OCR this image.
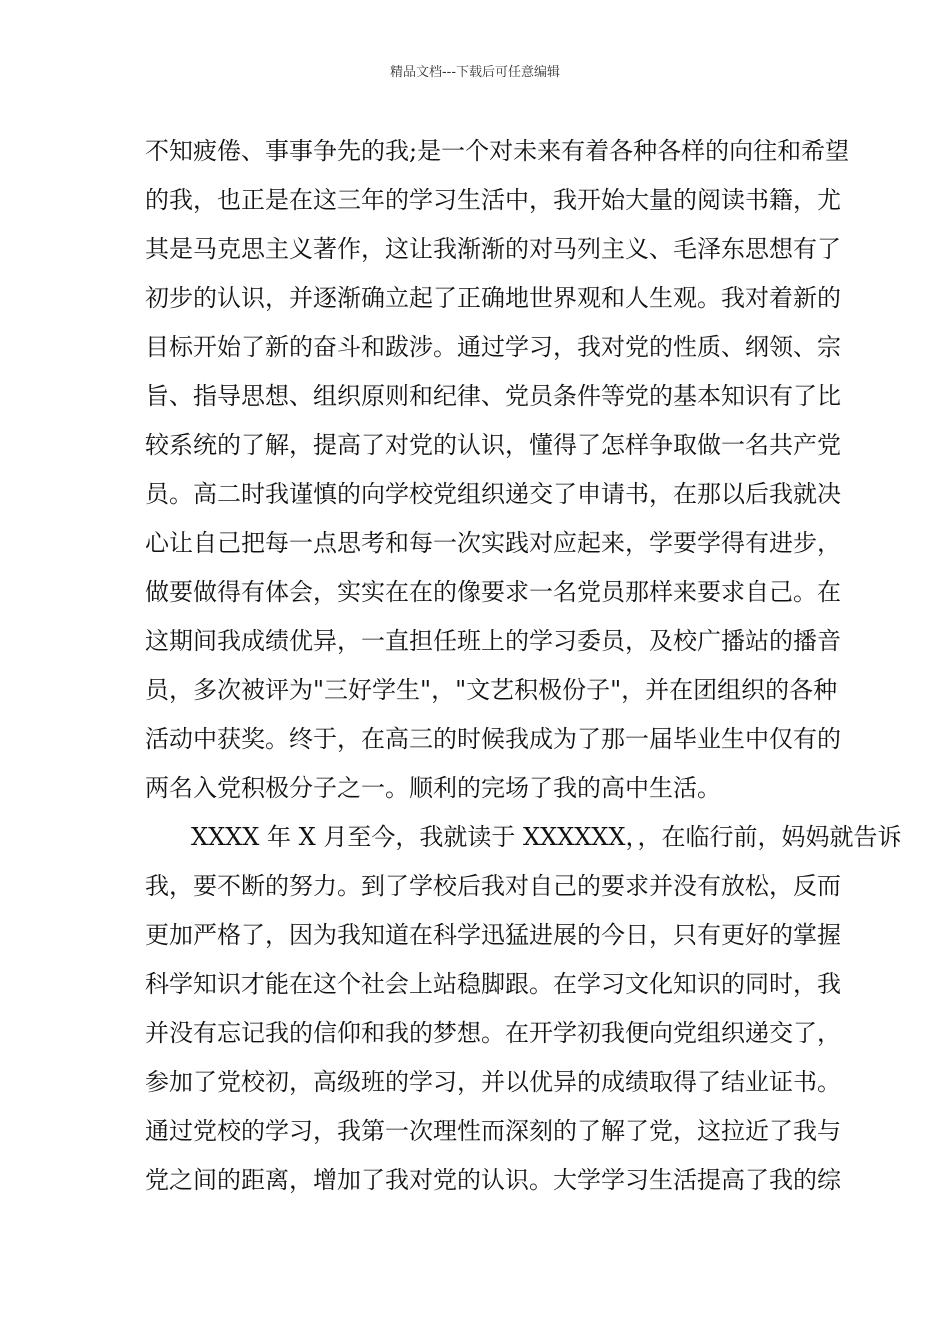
精品文档---下载后可任意编辑
不知疲倦、事事争先的我;是一个对未来有着各种各样的向往和希望
的我，也正是在这三年的学习生活中，我开始大量的阅读书籍，尤
其是马克思主义著作，这让我渐渐的对马列主义、毛泽东思想有了
初步的认识，并逐渐确立起了正确地世界观和人生观。我对着新的
目标开始了新的奋斗和跋涉。通过学习，我对党的性质、纲领、宗
旨、指导思想、组织原则和纪律、党员条件等党的基本知识有了比
较系统的了解，提高了对党的认识，懂得了怎样争取做一名共产党
员。高二时我谨慎的向学校党组织递交了申请书，在那以后我就决
心让自己把每一点思考和每一次实践对应起来，学要学得有进步，
做要做得有体会，实实在在的像要求一名党员那样来要求自己。在
这期间我成绩优异，一直担任班上的学习委员，及校广播站的播音
员，多次被评为"三好学生"，"文艺积极份子"，并在团组织的各种
活动中获奖。终于，在高三的时候我成为了那一届毕业生中仅有的
两名入党积极分子之一。顺利的完场了我的高中生活。
XXXX 年 X 月至今，我就读于 XXXXXX，，在临行前，妈妈就告诉
我，要不断的努力。到了学校后我对自己的要求并没有放松，反而
更加严格了，因为我知道在科学迅猛进展的今日，只有更好的掌握
科学知识才能在这个社会上站稳脚跟。在学习文化知识的同时，我
并没有忘记我的信仰和我的梦想。在开学初我便向党组织递交了，
参加了党校初，高级班的学习，并以优异的成绩取得了结业证书。
通过党校的学习，我第一次理性而深刻的了解了党，这拉近了我与
党之间的距离，增加了我对党的认识。大学学习生活提高了我的综
